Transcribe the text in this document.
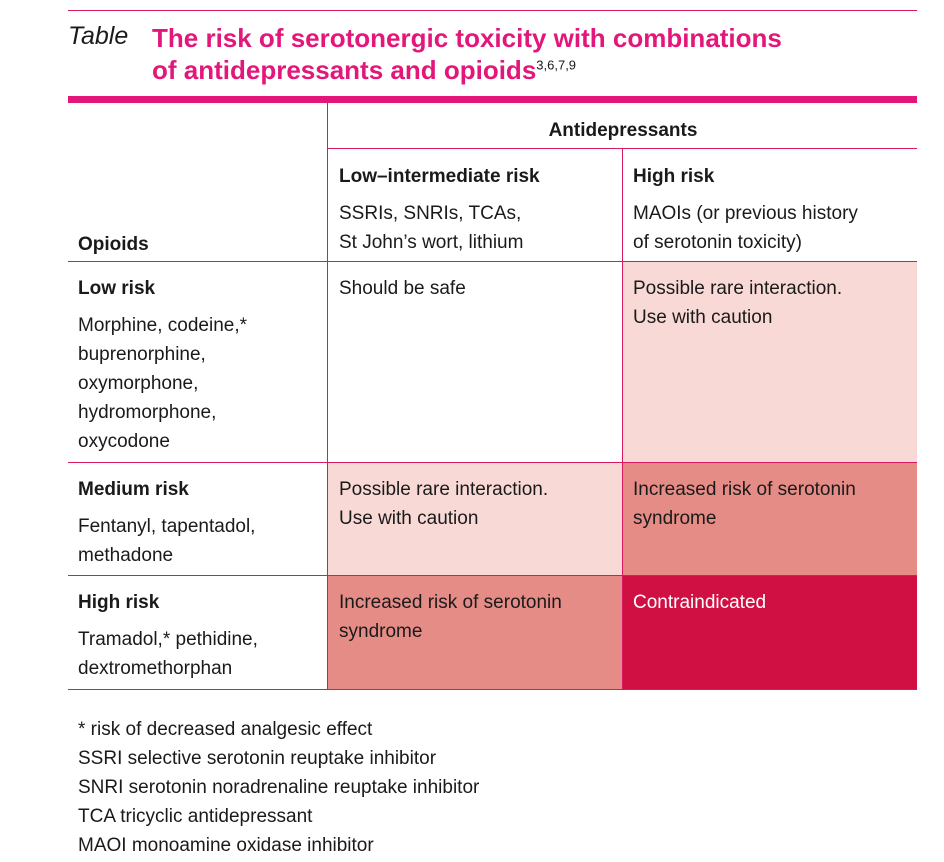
Table The risk of serotonergic toxicity with combinations
of antidepressants and opioids$^{3,6,7,9}$
Possible rare interaction.
Use with caution
Possible rare interaction.
Use with caution
Increased risk of serotonin
syndrome
Increased risk of serotonin
syndrome
Contraindicated
Should be safe
Antidepressants
Low–intermediate risk
SSRIs, SNRIs, TCAs,
St John’s wort, lithium
High risk
MAOIs (or previous history
of serotonin toxicity)
Opioids
Low risk
Morphine, codeine,*
buprenorphine,
oxymorphone,
hydromorphone,
oxycodone
Medium risk
Fentanyl, tapentadol,
methadone
High risk
Tramadol,* pethidine,
dextromethorphan
* risk of decreased analgesic effect
SSRI selective serotonin reuptake inhibitor
SNRI serotonin noradrenaline reuptake inhibitor
TCA tricyclic antidepressant
MAOI monoamine oxidase inhibitor
